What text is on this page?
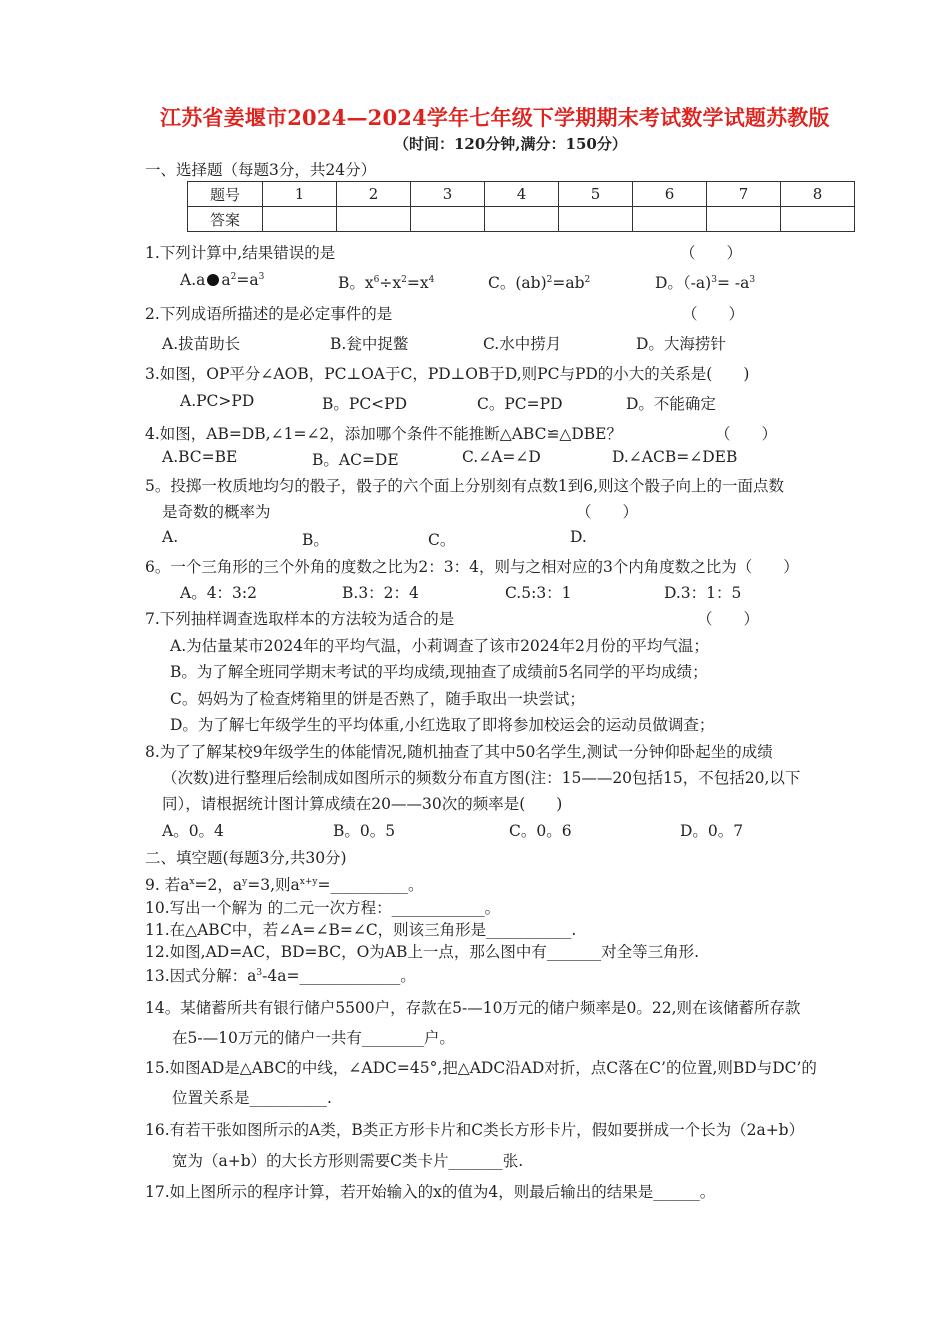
江苏省姜堰市2024—2024学年七年级下学期期末考试数学试题苏教版
（时间：120分钟,满分：150分）
一、选择题（每题3分，共24分）
题号	1	2	3	4	5	6	7	8
答案								
1.下列计算中,结果错误的是	（　　）
A.a $a^2=a^3$	B。$x^6\div x^2=x^4$	C。$(ab)^2=ab^2$	D。$(-a)^3= -a^3$
2.下列成语所描述的是必定事件的是	（　　）
A.拔苗助长	B.瓮中捉鳖	C.水中捞月	D。大海捞针
3.如图，OP平分∠AOB，PC⊥OA于C，PD⊥OB于D,则PC与PD的小大的关系是(　　)
A.PC>PD	B。PC<PD	C。PC=PD	D。不能确定
4.如图，AB=DB,∠1=∠2，添加哪个条件不能推断△ABC≌△DBE？	（　　）
A.BC=BE	B。AC=DE	C.∠A=∠D	D.∠ACB=∠DEB
5。投掷一枚质地均匀的骰子，骰子的六个面上分别刻有点数1到6,则这个骰子向上的一面点数
是奇数的概率为	（　　）
A.	B。	C。	D.
6。一个三角形的三个外角的度数之比为2：3：4，则与之相对应的3个内角度数之比为（　　）
A。4：3:2	B.3：2：4	C.5:3：1	D.3：1：5
7.下列抽样调查选取样本的方法较为适合的是	（　　）
A.为估量某市2024年的平均气温，小莉调查了该市2024年2月份的平均气温；
B。为了解全班同学期末考试的平均成绩,现抽查了成绩前5名同学的平均成绩；
C。妈妈为了检查烤箱里的饼是否熟了，随手取出一块尝试；
D。为了解七年级学生的平均体重,小红选取了即将参加校运会的运动员做调查；
8.为了了解某校9年级学生的体能情况,随机抽查了其中50名学生,测试一分钟仰卧起坐的成绩
（次数)进行整理后绘制成如图所示的频数分布直方图(注：15——20包括15，不包括20,以下
同），请根据统计图计算成绩在20——30次的频率是(　　)
A。0。4	B。0。5	C。0。6	D。0。7
二、填空题(每题3分,共30分)
9. 若$a^x=2$，$a^y=3$,则$a^{x+y}=\_\_\_\_\_\_\_\_\_\_$。
10.写出一个解为 的二元一次方程：____________。
11.在△ABC中，若∠A=∠B=∠C，则该三角形是___________.
12.如图,AD=AC，BD=BC，O为AB上一点，那么图中有_______对全等三角形.
13.因式分解：$a^3-4a=\_\_\_\_\_\_\_\_\_\_\_\_\_$。
14。某储蓄所共有银行储户5500户，存款在5-—10万元的储户频率是0。22,则在该储蓄所存款
在5-—10万元的储户一共有________户。
15.如图AD是△ABC的中线，∠ADC=45°,把△ADC沿AD对折，点C落在C’的位置,则BD与DC’的
位置关系是__________.
16.有若干张如图所示的A类，B类正方形卡片和C类长方形卡片，假如要拼成一个长为（2a+b）
宽为（a+b）的大长方形则需要C类卡片_______张.
17.如上图所示的程序计算，若开始输入的x的值为4，则最后输出的结果是______。
